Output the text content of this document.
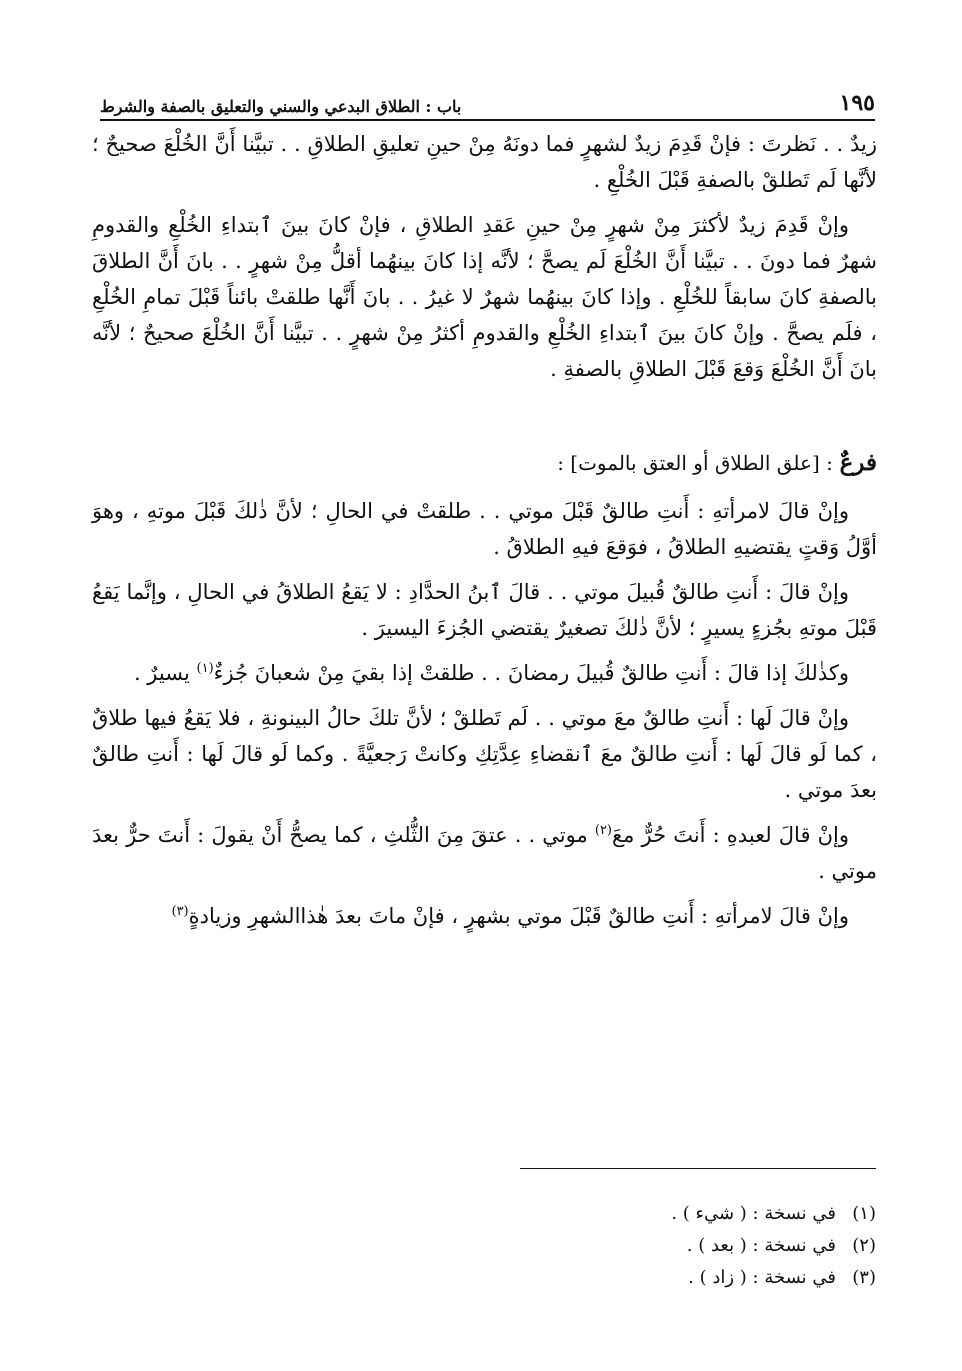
باب : الطلاق البدعي والسني والتعليق بالصفة والشرط	١٩٥

زيدٌ . . نَظرتَ : فإنْ قَدِمَ زيدٌ لشهرٍ فما دونَهُ مِنْ حينِ تعليقِ الطلاقِ . . تبيَّنا أَنَّ الخُلْعَ صحيحٌ ؛ لأنَّها لَم تَطلقْ بالصفةِ قَبْلَ الخُلْعِ .

وإنْ قَدِمَ زيدٌ لأكثرَ مِنْ شهرٍ مِنْ حينِ عَقدِ الطلاقِ ، فإنْ كانَ بينَ ٱبتداءِ الخُلْعِ والقدومِ شهرٌ فما دونَ . . تبيَّنا أَنَّ الخُلْعَ لَم يصحَّ ؛ لأنَّه إذا كانَ بينهُما أقلُّ مِنْ شهرٍ . . بانَ أَنَّ الطلاقَ بالصفةِ كانَ سابقاً للخُلْعِ . وإذا كانَ بينهُما شهرٌ لا غيرُ . . بانَ أَنَّها طلقتْ بائناً قَبْلَ تمامِ الخُلْعِ ، فلَم يصحَّ . وإنْ كانَ بينَ ٱبتداءِ الخُلْعِ والقدومِ أكثرُ مِنْ شهرٍ . . تبيَّنا أَنَّ الخُلْعَ صحيحٌ ؛ لأنَّه بانَ أَنَّ الخُلْعَ وَقعَ قَبْلَ الطلاقِ بالصفةِ .

فرعٌ : [علق الطلاق أو العتق بالموت] :

وإنْ قالَ لامرأتهِ : أَنتِ طالقٌ قَبْلَ موتي . . طلقتْ في الحالِ ؛ لأنَّ ذٰلكَ قَبْلَ موتهِ ، وهوَ أوَّلُ وَقتٍ يقتضيهِ الطلاقُ ، فوَقعَ فيهِ الطلاقُ .

وإنْ قالَ : أَنتِ طالقٌ قُبيلَ موتي . . قالَ ٱبنُ الحدَّادِ : لا يَقعُ الطلاقُ في الحالِ ، وإنَّما يَقعُ قَبْلَ موتهِ بجُزءٍ يسيرٍ ؛ لأنَّ ذٰلكَ تصغيرٌ يقتضي الجُزءَ اليسيرَ .

وكذٰلكَ إذا قالَ : أَنتِ طالقٌ قُبيلَ رمضانَ . . طلقتْ إذا بقيَ مِنْ شعبانَ جُزءٌ$^{(١)}$ يسيرٌ .

وإنْ قالَ لَها : أَنتِ طالقٌ معَ موتي . . لَم تَطلقْ ؛ لأنَّ تلكَ حالُ البينونةِ ، فلا يَقعُ فيها طلاقٌ ، كما لَو قالَ لَها : أَنتِ طالقٌ معَ ٱنقضاءِ عِدَّتِكِ وكانتْ رَجعيَّةً . وكما لَو قالَ لَها : أَنتِ طالقٌ بعدَ موتي .

وإنْ قالَ لعبدهِ : أَنتَ حُرٌّ معَ$^{(٢)}$ موتي . . عتقَ مِنَ الثُّلثِ ، كما يصحُّ أَنْ يقولَ : أَنتَ حرٌّ بعدَ موتي .

وإنْ قالَ لامرأتهِ : أَنتِ طالقٌ قَبْلَ موتي بشهرٍ ، فإنْ ماتَ بعدَ هٰذاالشهرِ وزيادةٍ$^{(٣)}$

(١)في نسخة : ( شيء ) .
(٢)في نسخة : ( بعد ) .
(٣)في نسخة : ( زاد ) .
